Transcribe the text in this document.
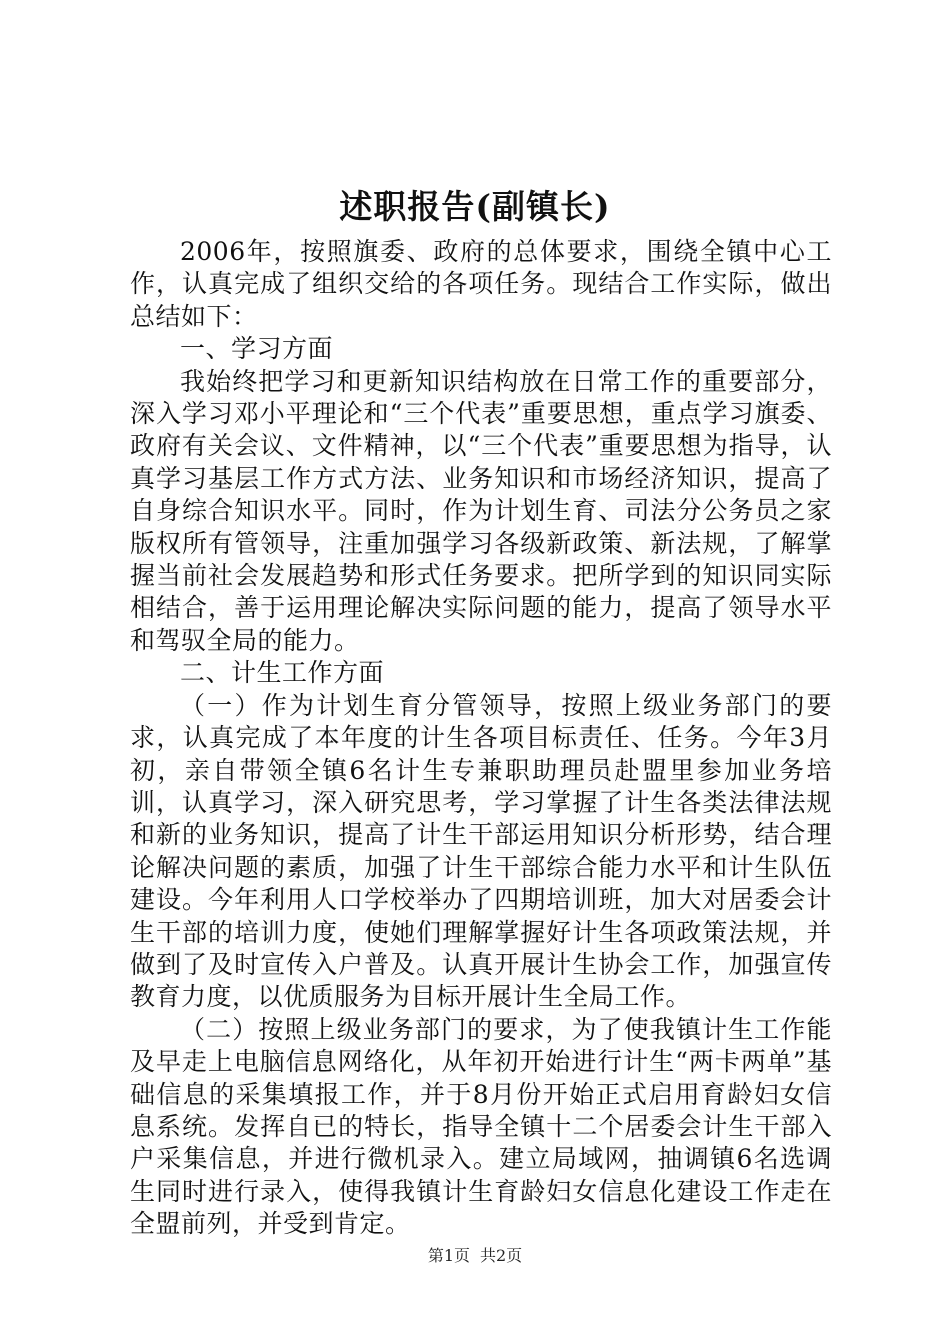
述职报告(副镇长)

2006年，按照旗委、政府的总体要求，围绕全镇中心工作，认真完成了组织交给的各项任务。现结合工作实际，做出总结如下：

一、学习方面

我始终把学习和更新知识结构放在日常工作的重要部分，深入学习邓小平理论和“三个代表”重要思想，重点学习旗委、政府有关会议、文件精神，以“三个代表”重要思想为指导，认真学习基层工作方式方法、业务知识和市场经济知识，提高了自身综合知识水平。同时，作为计划生育、司法分公务员之家版权所有管领导，注重加强学习各级新政策、新法规，了解掌握当前社会发展趋势和形式任务要求。把所学到的知识同实际相结合，善于运用理论解决实际问题的能力，提高了领导水平和驾驭全局的能力。

二、计生工作方面

（一）作为计划生育分管领导，按照上级业务部门的要求，认真完成了本年度的计生各项目标责任、任务。今年3月初，亲自带领全镇6名计生专兼职助理员赴盟里参加业务培训，认真学习，深入研究思考，学习掌握了计生各类法律法规和新的业务知识，提高了计生干部运用知识分析形势，结合理论解决问题的素质，加强了计生干部综合能力水平和计生队伍建设。今年利用人口学校举办了四期培训班，加大对居委会计生干部的培训力度，使她们理解掌握好计生各项政策法规，并做到了及时宣传入户普及。认真开展计生协会工作，加强宣传教育力度，以优质服务为目标开展计生全局工作。

（二）按照上级业务部门的要求，为了使我镇计生工作能及早走上电脑信息网络化，从年初开始进行计生“两卡两单”基础信息的采集填报工作，并于8月份开始正式启用育龄妇女信息系统。发挥自已的特长，指导全镇十二个居委会计生干部入户采集信息，并进行微机录入。建立局域网，抽调镇6名选调生同时进行录入，使得我镇计生育龄妇女信息化建设工作走在全盟前列，并受到肯定。

第1页 共2页
